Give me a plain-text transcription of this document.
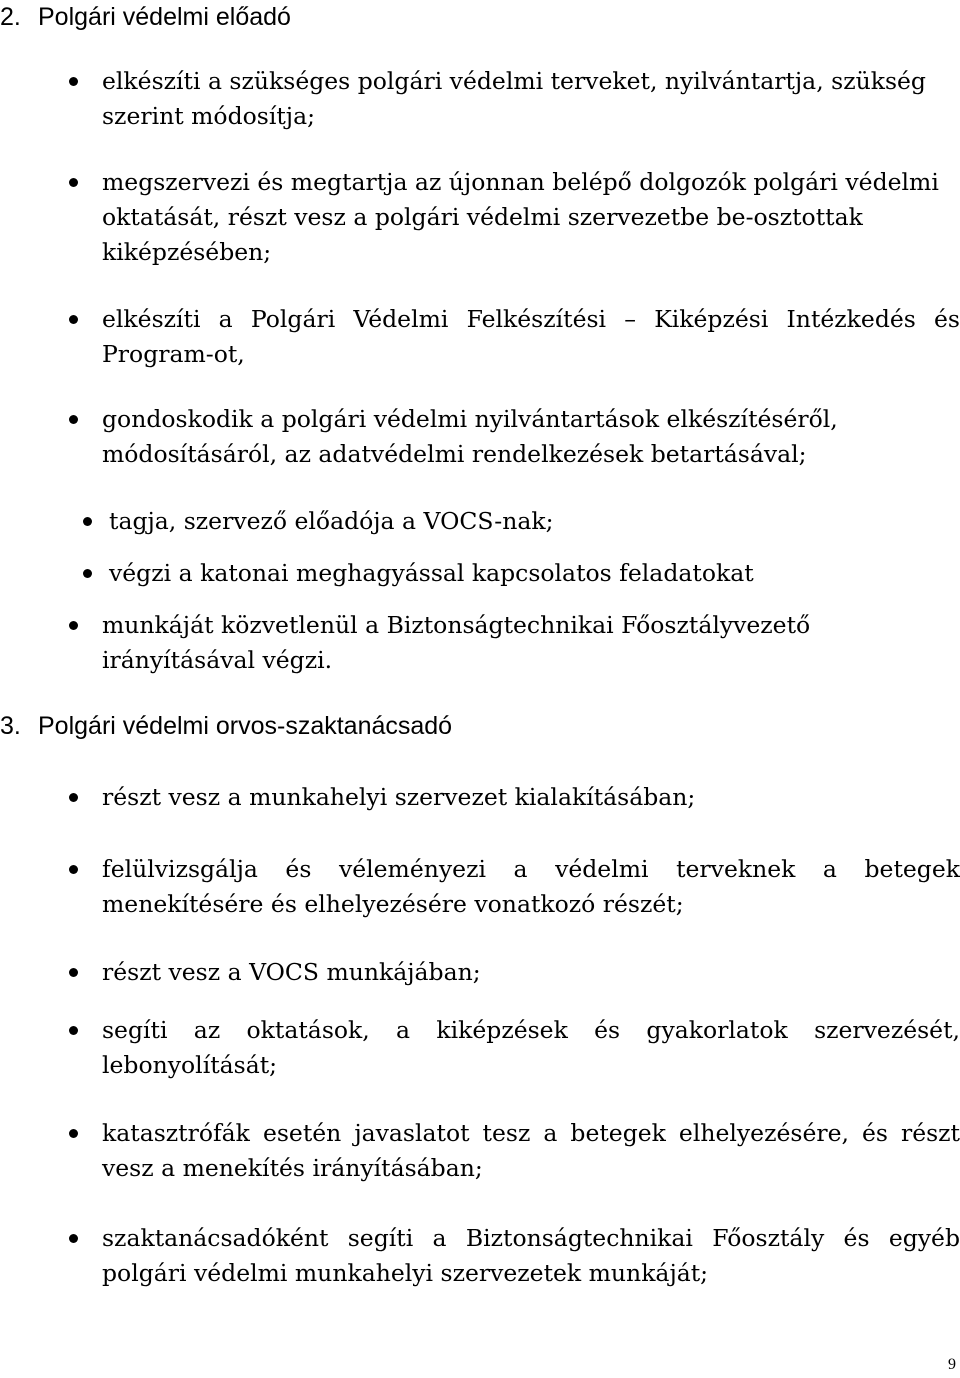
2. Polgári védelmi előadó
elkészíti a szükséges polgári védelmi terveket, nyilvántartja, szükség szerint módosítja;
megszervezi és megtartja az újonnan belépő dolgozók polgári védelmi oktatását, részt vesz a polgári védelmi szervezetbe be-osztottak kiképzésében;
elkészíti a Polgári Védelmi Felkészítési – Kiképzési Intézkedés és Program-ot,
gondoskodik a polgári védelmi nyilvántartások elkészítéséről, módosításáról, az adatvédelmi rendelkezések betartásával;
tagja, szervező előadója a VOCS-nak;
végzi a katonai meghagyással kapcsolatos feladatokat
munkáját közvetlenül a Biztonságtechnikai Főosztályvezető irányításával végzi.
3. Polgári védelmi orvos-szaktanácsadó
részt vesz a munkahelyi szervezet kialakításában;
felülvizsgálja és véleményezi a védelmi terveknek a betegek menekítésére és elhelyezésére vonatkozó részét;
részt vesz a VOCS munkájában;
segíti az oktatások, a kiképzések és gyakorlatok szervezését, lebonyolítását;
katasztrófák esetén javaslatot tesz a betegek elhelyezésére, és részt vesz a menekítés irányításában;
szaktanácsadóként segíti a Biztonságtechnikai Főosztály és egyéb polgári védelmi munkahelyi szervezetek munkáját;
9
